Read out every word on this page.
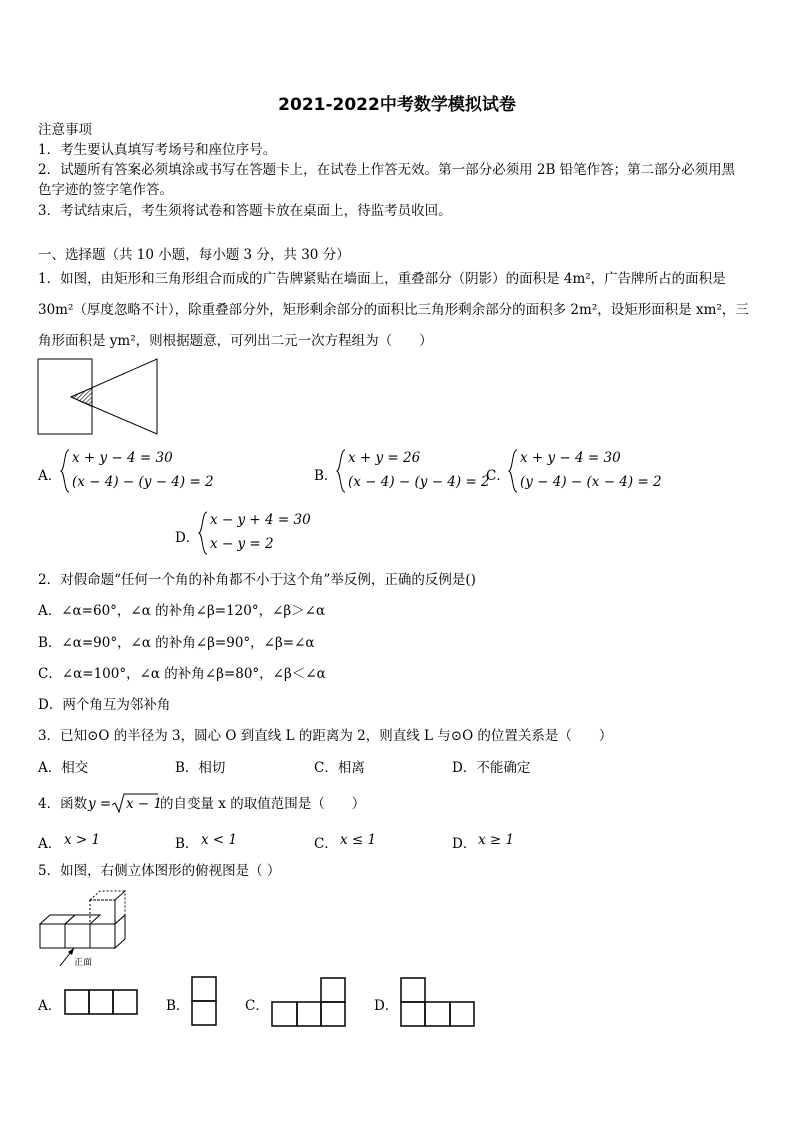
2021-2022中考数学模拟试卷
注意事项
1．考生要认真填写考场号和座位序号。
2．试题所有答案必须填涂或书写在答题卡上，在试卷上作答无效。第一部分必须用 2B 铅笔作答；第二部分必须用黑
色字迹的签字笔作答。
3．考试结束后，考生须将试卷和答题卡放在桌面上，待监考员收回。
一、选择题（共 10 小题，每小题 3 分，共 30 分）
1．如图，由矩形和三角形组合而成的广告牌紧贴在墙面上，重叠部分（阴影）的面积是 4m²，广告牌所占的面积是
30m²（厚度忽略不计），除重叠部分外，矩形剩余部分的面积比三角形剩余部分的面积多 2m²，设矩形面积是 xm²，三
角形面积是 ym²，则根据题意，可列出二元一次方程组为（　　）
A．
x + y − 4 = 30
(x − 4) − (y − 4) = 2	B．
x + y = 26
(x − 4) − (y − 4) = 2
C．
x + y − 4 = 30
(y − 4) − (x − 4) = 2
D．
x − y + 4 = 30
x − y = 2
2．对假命题“任何一个角的补角都不小于这个角”举反例，正确的反例是()
A．∠α=60°，∠α 的补角∠β=120°，∠β＞∠α
B．∠α=90°，∠α 的补角∠β=90°，∠β=∠α
C．∠α=100°，∠α 的补角∠β=80°，∠β＜∠α
D．两个角互为邻补角
3．已知⊙O 的半径为 3，圆心 O 到直线 L 的距离为 2，则直线 L 与⊙O 的位置关系是（　　）
A．相交	B．相切	C．相离	D．不能确定
4．函数 y = x − 1
的自变量 x 的取值范围是（　　）
A． x > 1	B． x < 1	C． x ≤ 1	D． x ≥ 1
5．如图，右侧立体图形的俯视图是（ ）
正面
A．	B．	C．	D．
